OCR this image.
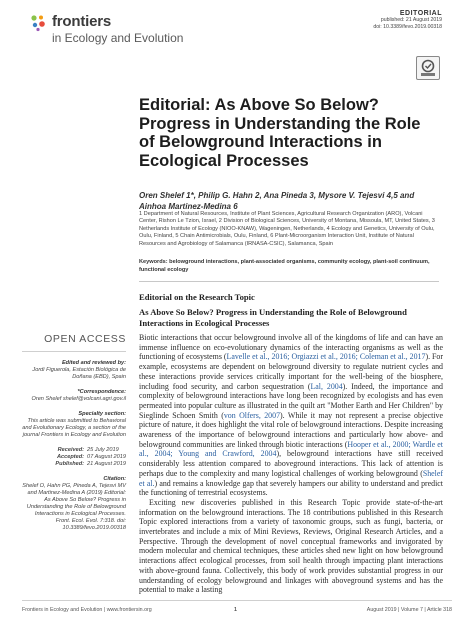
frontiers
in Ecology and Evolution
EDITORIAL
published: 21 August 2019
doi: 10.3389/fevo.2019.00318
Editorial: As Above So Below? Progress in Understanding the Role of Belowground Interactions in Ecological Processes
Oren Shelef 1*, Philip G. Hahn 2, Ana Pineda 3, Mysore V. Tejesvi 4,5 and Ainhoa Martinez-Medina 6
1 Department of Natural Resources, Institute of Plant Sciences, Agricultural Research Organization (ARO), Volcani Center, Rishon Le Tzion, Israel, 2 Division of Biological Sciences, University of Montana, Missoula, MT, United States, 3 Netherlands Institute of Ecology (NIOO-KNAW), Wageningen, Netherlands, 4 Ecology and Genetics, University of Oulu, Oulu, Finland, 5 Chain Antimicrobials, Oulu, Finland, 6 Plant-Microorganism Interaction Unit, Institute of Natural Resources and Agrobiology of Salamanca (IRNASA-CSIC), Salamanca, Spain
Keywords: belowground interactions, plant-associated organisms, community ecology, plant-soil continuum, functional ecology
OPEN ACCESS
Edited and reviewed by:
Jordi Figuerola, Estación Biológica de Doñana (EBD), Spain
*Correspondence:
Oren Shelef shelef@volcani.agri.gov.il
Specialty section:
This article was submitted to Behavioral and Evolutionary Ecology, a section of the journal Frontiers in Ecology and Evolution
Received:	25 July 2019
Accepted:	07 August 2019
Published:	21 August 2019
Citation:
Shelef O, Hahn PG, Pineda A, Tejesvi MV and Martinez-Medina A (2019) Editorial: As Above So Below? Progress in Understanding the Role of Belowground Interactions in Ecological Processes. Front. Ecol. Evol. 7:318. doi: 10.3389/fevo.2019.00318
Editorial on the Research Topic
As Above So Below? Progress in Understanding the Role of Belowground Interactions in Ecological Processes

Biotic interactions that occur belowground involve all of the kingdoms of life and can have an immense influence on eco-evolutionary dynamics of the interacting organisms as well as the functioning of ecosystems (Lavelle et al., 2016; Orgiazzi et al., 2016; Coleman et al., 2017). For example, ecosystems are dependent on belowground diversity to regulate nutrient cycles and these interactions provide services critically important for the well-being of the biosphere, including food security, and carbon sequestration (Lal, 2004). Indeed, the importance and complexity of belowground interactions have long been recognized by ecologists and has even permeated into popular culture as illustrated in the quilt art "Mother Earth and Her Children" by Sieglinde Schoen Smith (von Olfers, 2007). While it may not represent a precise objective picture of nature, it does highlight the vital role of belowground interactions. Despite increasing awareness of the importance of belowground interactions and particularly how above- and belowground communities are linked through biotic interactions (Hooper et al., 2000; Wardle et al., 2004; Young and Crawford, 2004), belowground interactions have still received considerably less attention compared to aboveground interactions. This lack of attention is perhaps due to the complexity and many logistical challenges of working belowground (Shelef et al.) and remains a knowledge gap that severely hampers our ability to understand and predict the functioning of terrestrial ecosystems.

Exciting new discoveries published in this Research Topic provide state-of-the-art information on the belowground interactions. The 18 contributions published in this Research Topic explored interactions from a variety of taxonomic groups, such as fungi, bacteria, or invertebrates and include a mix of Mini Reviews, Reviews, Original Research Articles, and a Perspective. Through the development of novel conceptual frameworks and invigorated by modern molecular and chemical techniques, these articles shed new light on how belowground interactions affect ecological processes, from soil health through impacting plant interactions with above-ground fauna. Collectively, this body of work provides substantial progress in our understanding of ecology belowground and linkages with aboveground systems and has the potential to make a lasting

Frontiers in Ecology and Evolution | www.frontiersin.org	1	August 2019 | Volume 7 | Article 318
